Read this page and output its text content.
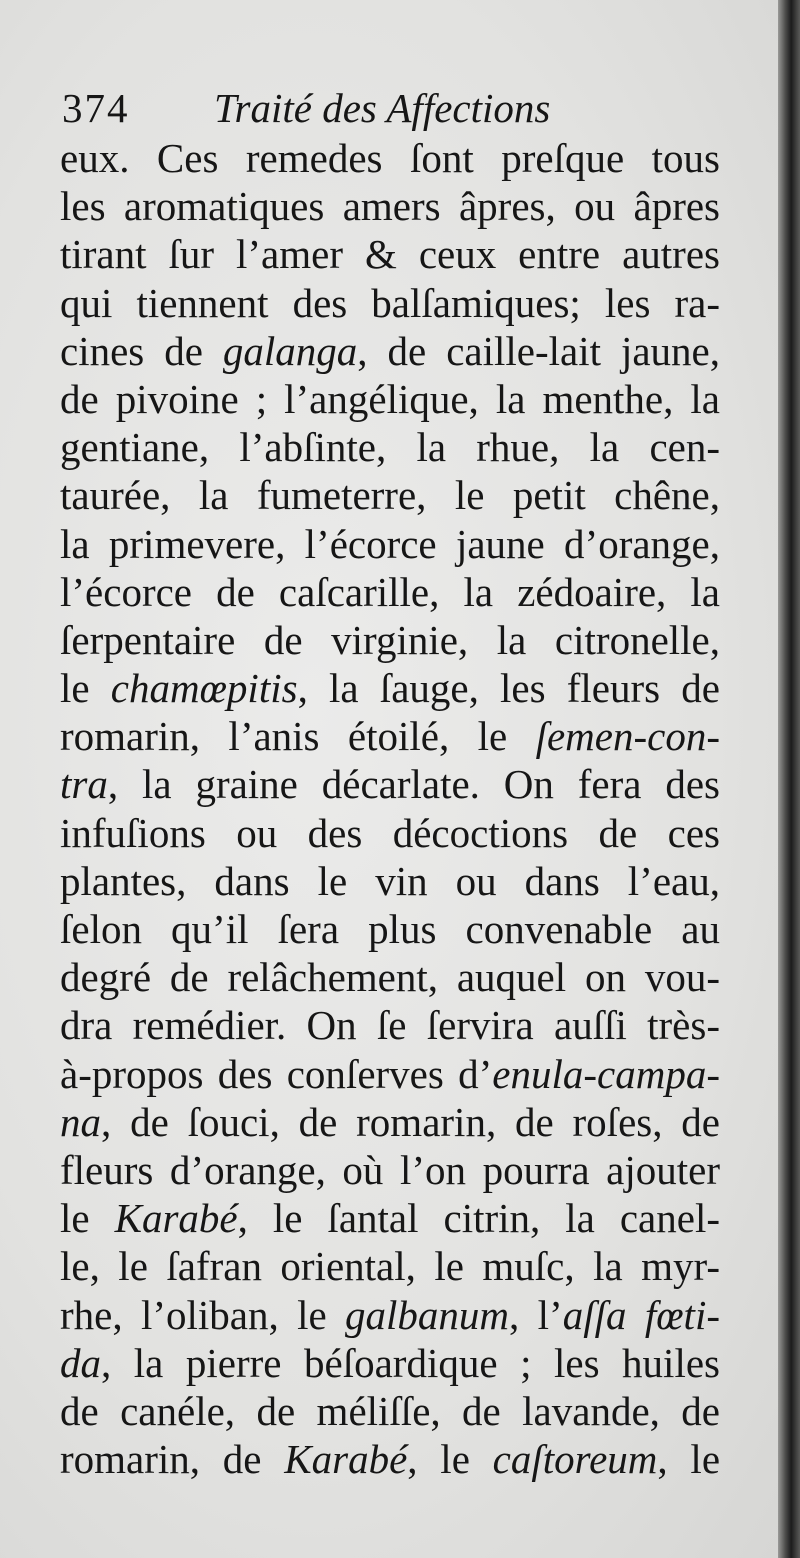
374 Traité des Affections
eux. Ces remedes ſont preſque tous
les aromatiques amers âpres, ou âpres
tirant ſur l’amer & ceux entre autres
qui tiennent des balſamiques; les ra-
cines de galanga, de caille-lait jaune,
de pivoine ; l’angélique, la menthe, la
gentiane, l’abſinte, la rhue, la cen-
taurée, la fumeterre, le petit chêne,
la primevere, l’écorce jaune d’orange,
l’écorce de caſcarille, la zédoaire, la
ſerpentaire de virginie, la citronelle,
le chamœpitis, la ſauge, les fleurs de
romarin, l’anis étoilé, le ſemen-con-
tra, la graine décarlate. On fera des
infuſions ou des décoctions de ces
plantes, dans le vin ou dans l’eau,
ſelon qu’il ſera plus convenable au
degré de relâchement, auquel on vou-
dra remédier. On ſe ſervira auſſi très-
à-propos des conſerves d’enula-campa-
na, de ſouci, de romarin, de roſes, de
fleurs d’orange, où l’on pourra ajouter
le Karabé, le ſantal citrin, la canel-
le, le ſafran oriental, le muſc, la myr-
rhe, l’oliban, le galbanum, l’aſſa fœti-
da, la pierre béſoardique ; les huiles
de canéle, de méliſſe, de lavande, de
romarin, de Karabé, le caſtoreum, le
